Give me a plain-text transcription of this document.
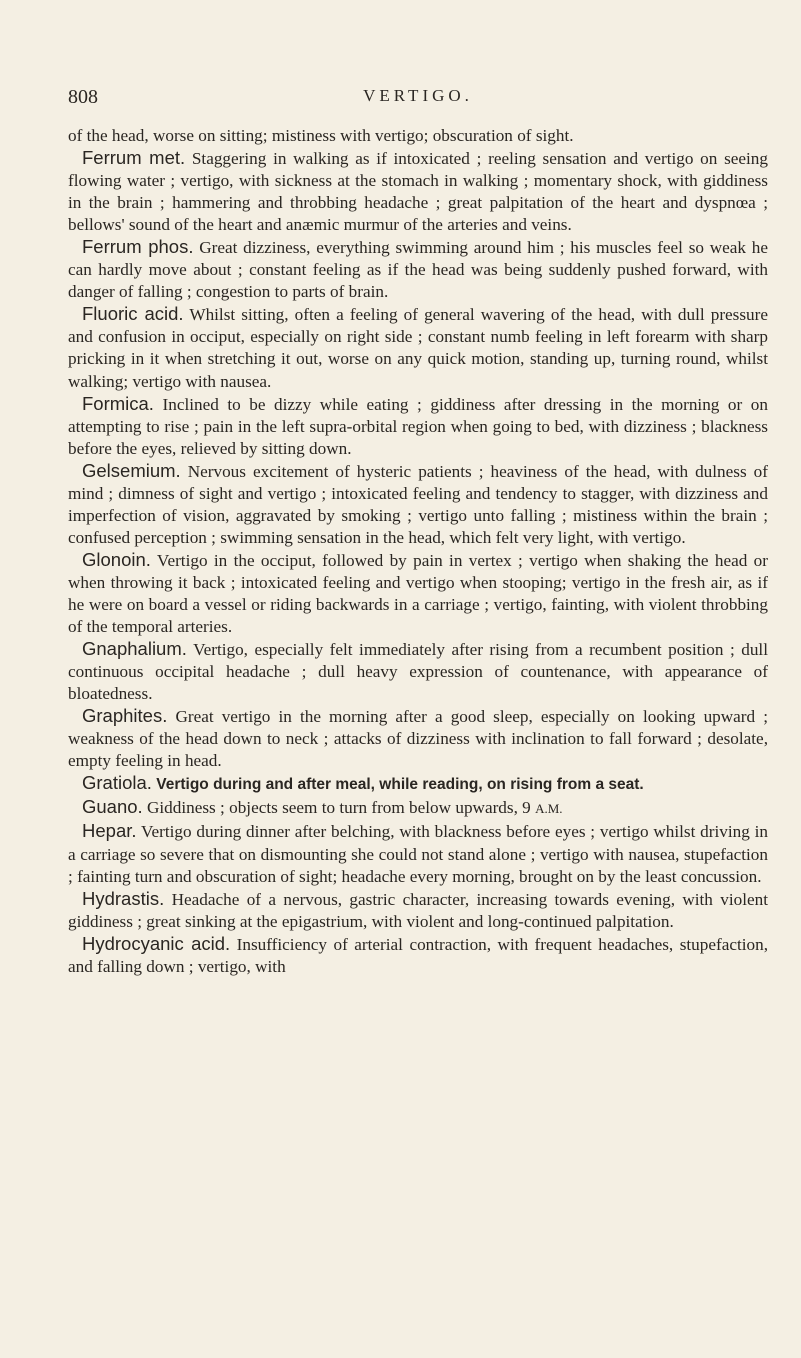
808	VERTIGO.

of the head, worse on sitting; mistiness with vertigo; obscuration of sight.

Ferrum met. Staggering in walking as if intoxicated ; reeling sensation and vertigo on seeing flowing water ; vertigo, with sickness at the stomach in walking ; momentary shock, with giddiness in the brain ; hammering and throbbing headache ; great palpitation of the heart and dyspnœa ; bellows' sound of the heart and anæmic murmur of the arteries and veins.

Ferrum phos. Great dizziness, everything swimming around him ; his muscles feel so weak he can hardly move about ; constant feeling as if the head was being suddenly pushed forward, with danger of falling ; congestion to parts of brain.

Fluoric acid. Whilst sitting, often a feeling of general wavering of the head, with dull pressure and confusion in occiput, especially on right side ; constant numb feeling in left forearm with sharp pricking in it when stretching it out, worse on any quick motion, standing up, turning round, whilst walking; vertigo with nausea.

Formica. Inclined to be dizzy while eating ; giddiness after dressing in the morning or on attempting to rise ; pain in the left supra-orbital region when going to bed, with dizziness ; blackness before the eyes, relieved by sitting down.

Gelsemium. Nervous excitement of hysteric patients ; heaviness of the head, with dulness of mind ; dimness of sight and vertigo ; intoxicated feeling and tendency to stagger, with dizziness and imperfection of vision, aggravated by smoking ; vertigo unto falling ; mistiness within the brain ; confused perception ; swimming sensation in the head, which felt very light, with vertigo.

Glonoin. Vertigo in the occiput, followed by pain in vertex ; vertigo when shaking the head or when throwing it back ; intoxicated feeling and vertigo when stooping; vertigo in the fresh air, as if he were on board a vessel or riding backwards in a carriage ; vertigo, fainting, with violent throbbing of the temporal arteries.

Gnaphalium. Vertigo, especially felt immediately after rising from a recumbent position ; dull continuous occipital headache ; dull heavy expression of countenance, with appearance of bloatedness.

Graphites. Great vertigo in the morning after a good sleep, especially on looking upward ; weakness of the head down to neck ; attacks of dizziness with inclination to fall forward ; desolate, empty feeling in head.

Gratiola. Vertigo during and after meal, while reading, on rising from a seat.

Guano. Giddiness ; objects seem to turn from below upwards, 9 A.M.

Hepar. Vertigo during dinner after belching, with blackness before eyes ; vertigo whilst driving in a carriage so severe that on dismounting she could not stand alone ; vertigo with nausea, stupefaction ; fainting turn and obscuration of sight; headache every morning, brought on by the least concussion.

Hydrastis. Headache of a nervous, gastric character, increasing towards evening, with violent giddiness ; great sinking at the epigastrium, with violent and long-continued palpitation.

Hydrocyanic acid. Insufficiency of arterial contraction, with frequent headaches, stupefaction, and falling down ; vertigo, with
